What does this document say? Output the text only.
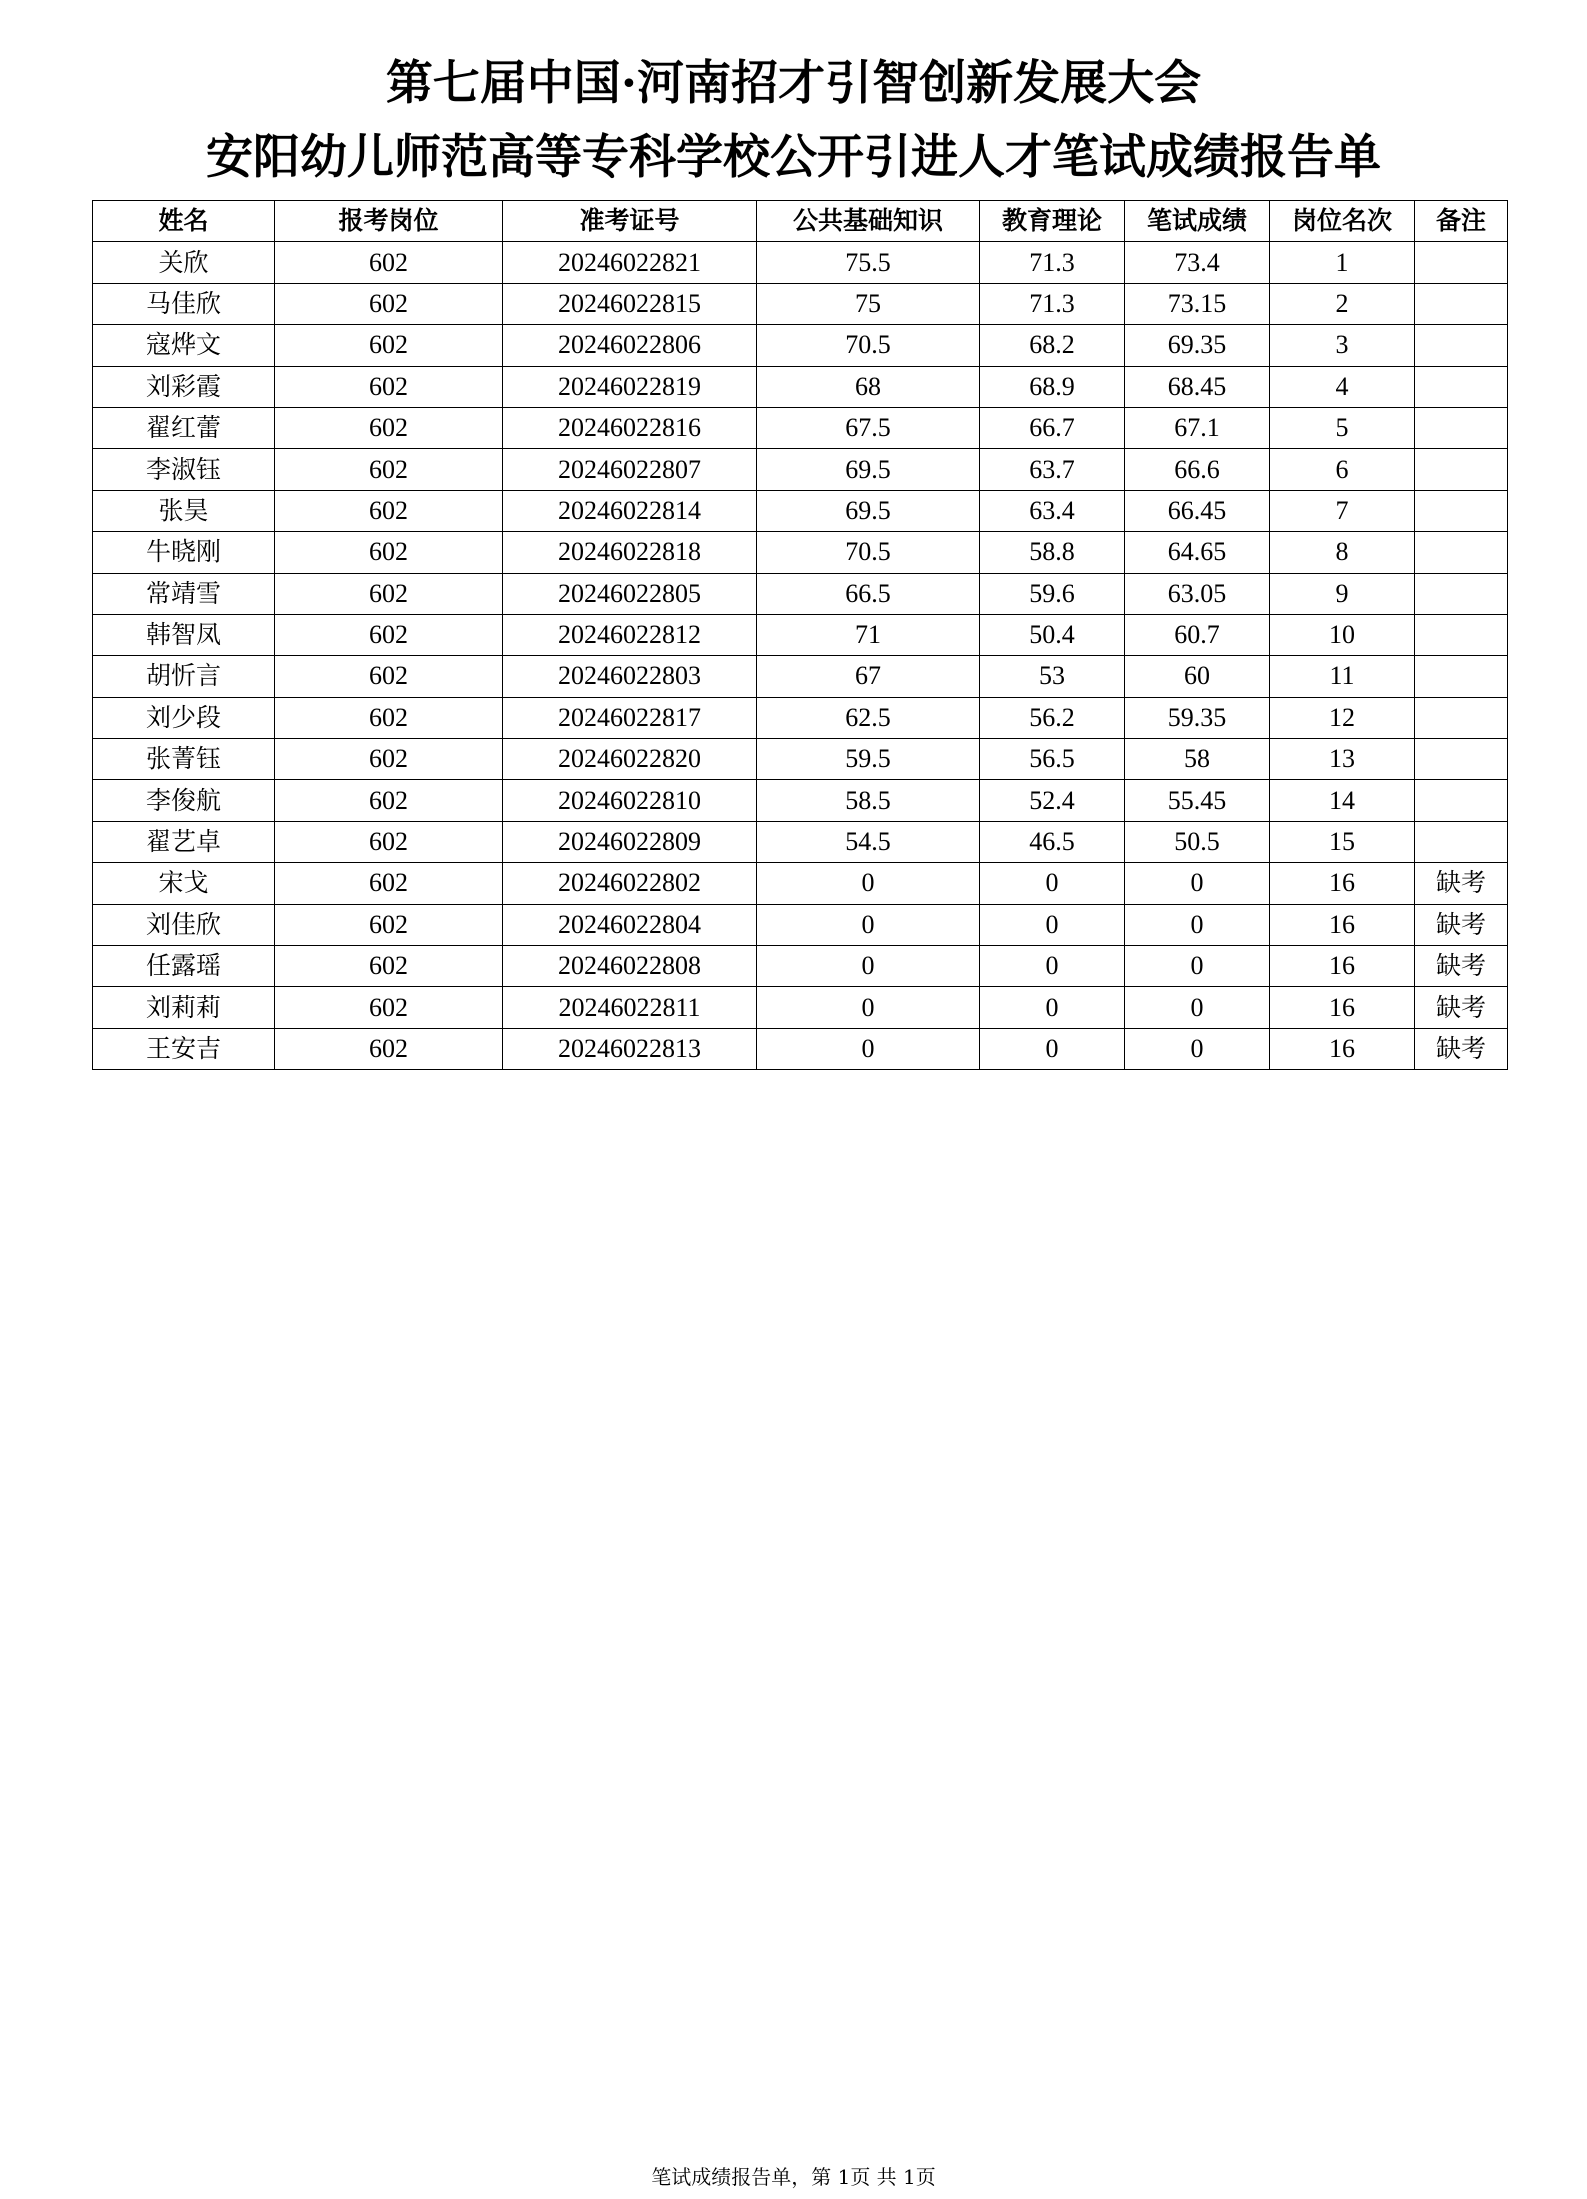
第七届中国·河南招才引智创新发展大会
安阳幼儿师范高等专科学校公开引进人才笔试成绩报告单
姓名	报考岗位	准考证号	公共基础知识	教育理论	笔试成绩	岗位名次	备注
关欣	602	20246022821	75.5	71.3	73.4	1	
马佳欣	602	20246022815	75	71.3	73.15	2	
寇烨文	602	20246022806	70.5	68.2	69.35	3	
刘彩霞	602	20246022819	68	68.9	68.45	4	
翟红蕾	602	20246022816	67.5	66.7	67.1	5	
李淑钰	602	20246022807	69.5	63.7	66.6	6	
张昊	602	20246022814	69.5	63.4	66.45	7	
牛晓刚	602	20246022818	70.5	58.8	64.65	8	
常靖雪	602	20246022805	66.5	59.6	63.05	9	
韩智凤	602	20246022812	71	50.4	60.7	10	
胡忻言	602	20246022803	67	53	60	11	
刘少段	602	20246022817	62.5	56.2	59.35	12	
张菁钰	602	20246022820	59.5	56.5	58	13	
李俊航	602	20246022810	58.5	52.4	55.45	14	
翟艺卓	602	20246022809	54.5	46.5	50.5	15	
宋戈	602	20246022802	0	0	0	16	缺考
刘佳欣	602	20246022804	0	0	0	16	缺考
任露瑶	602	20246022808	0	0	0	16	缺考
刘莉莉	602	20246022811	0	0	0	16	缺考
王安吉	602	20246022813	0	0	0	16	缺考
笔试成绩报告单，第 1页 共 1页
